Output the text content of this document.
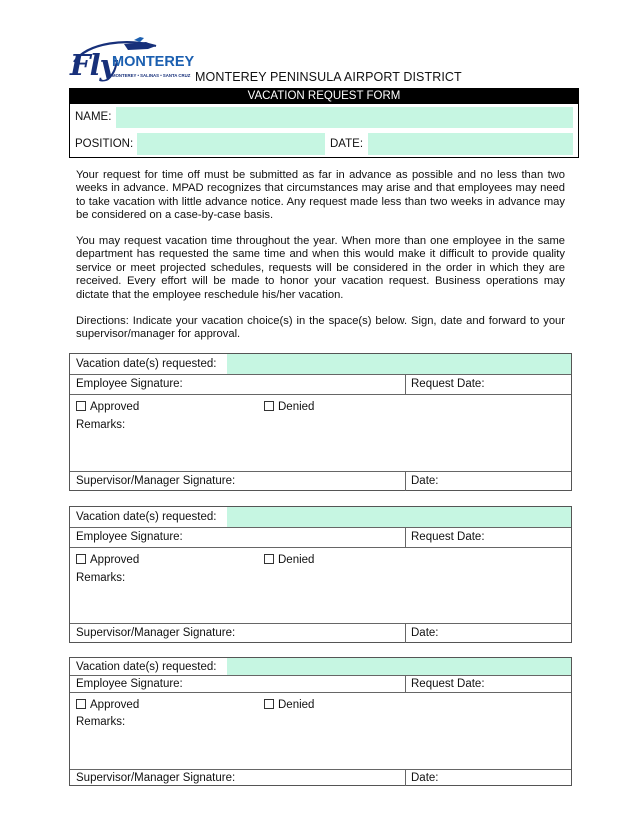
Fly
MONTEREY
MONTEREY • SALINAS • SANTA CRUZ MONTEREY PENINSULA AIRPORT DISTRICT
VACATION REQUEST FORM
NAME:
POSITION:	DATE:

Your request for time off must be submitted as far in advance as possible and no less than two weeks in advance. MPAD recognizes that circumstances may arise and that employees may need to take vacation with little advance notice. Any request made less than two weeks in advance may be considered on a case-by-case basis.

You may request vacation time throughout the year. When more than one employee in the same department has requested the same time and when this would make it difficult to provide quality service or meet projected schedules, requests will be considered in the order in which they are received. Every effort will be made to honor your vacation request. Business operations may dictate that the employee reschedule his/her vacation.

Directions: Indicate your vacation choice(s) in the space(s) below. Sign, date and forward to your supervisor/manager for approval.

Vacation date(s) requested:
Employee Signature:	Request Date:
Approved	Denied
Remarks:
Supervisor/Manager Signature:	Date:
Vacation date(s) requested:
Employee Signature:	Request Date:
Approved	Denied
Remarks:
Supervisor/Manager Signature:	Date:
Vacation date(s) requested:
Employee Signature:	Request Date:
Approved	Denied
Remarks:
Supervisor/Manager Signature:	Date:
